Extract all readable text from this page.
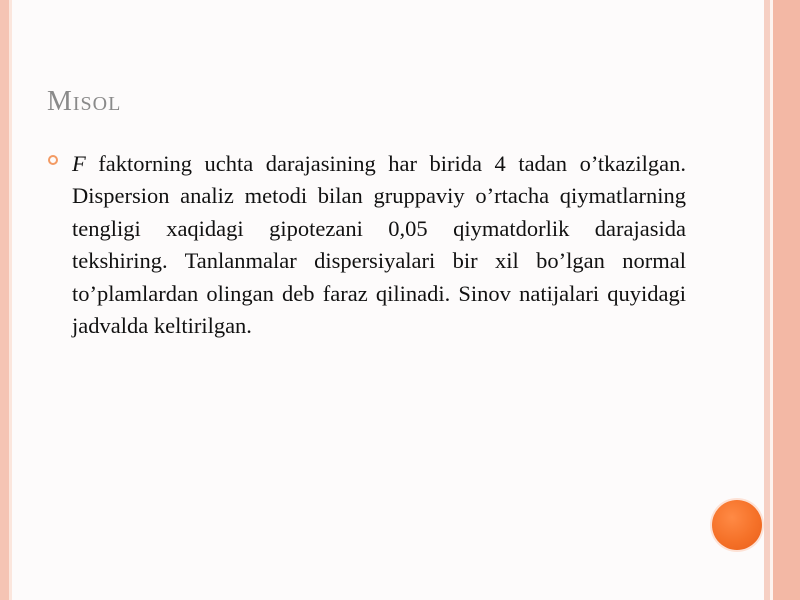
Misol

F faktorning uchta darajasining har birida 4 tadan o’tkazilgan. Dispersion analiz metodi bilan gruppaviy o’rtacha qiymatlarning tengligi xaqidagi gipotezani 0,05 qiymatdorlik darajasida tekshiring. Tanlanmalar dispersiyalari bir xil bo’lgan normal to’plamlardan olingan deb faraz qilinadi. Sinov natijalari quyidagi jadvalda keltirilgan.
